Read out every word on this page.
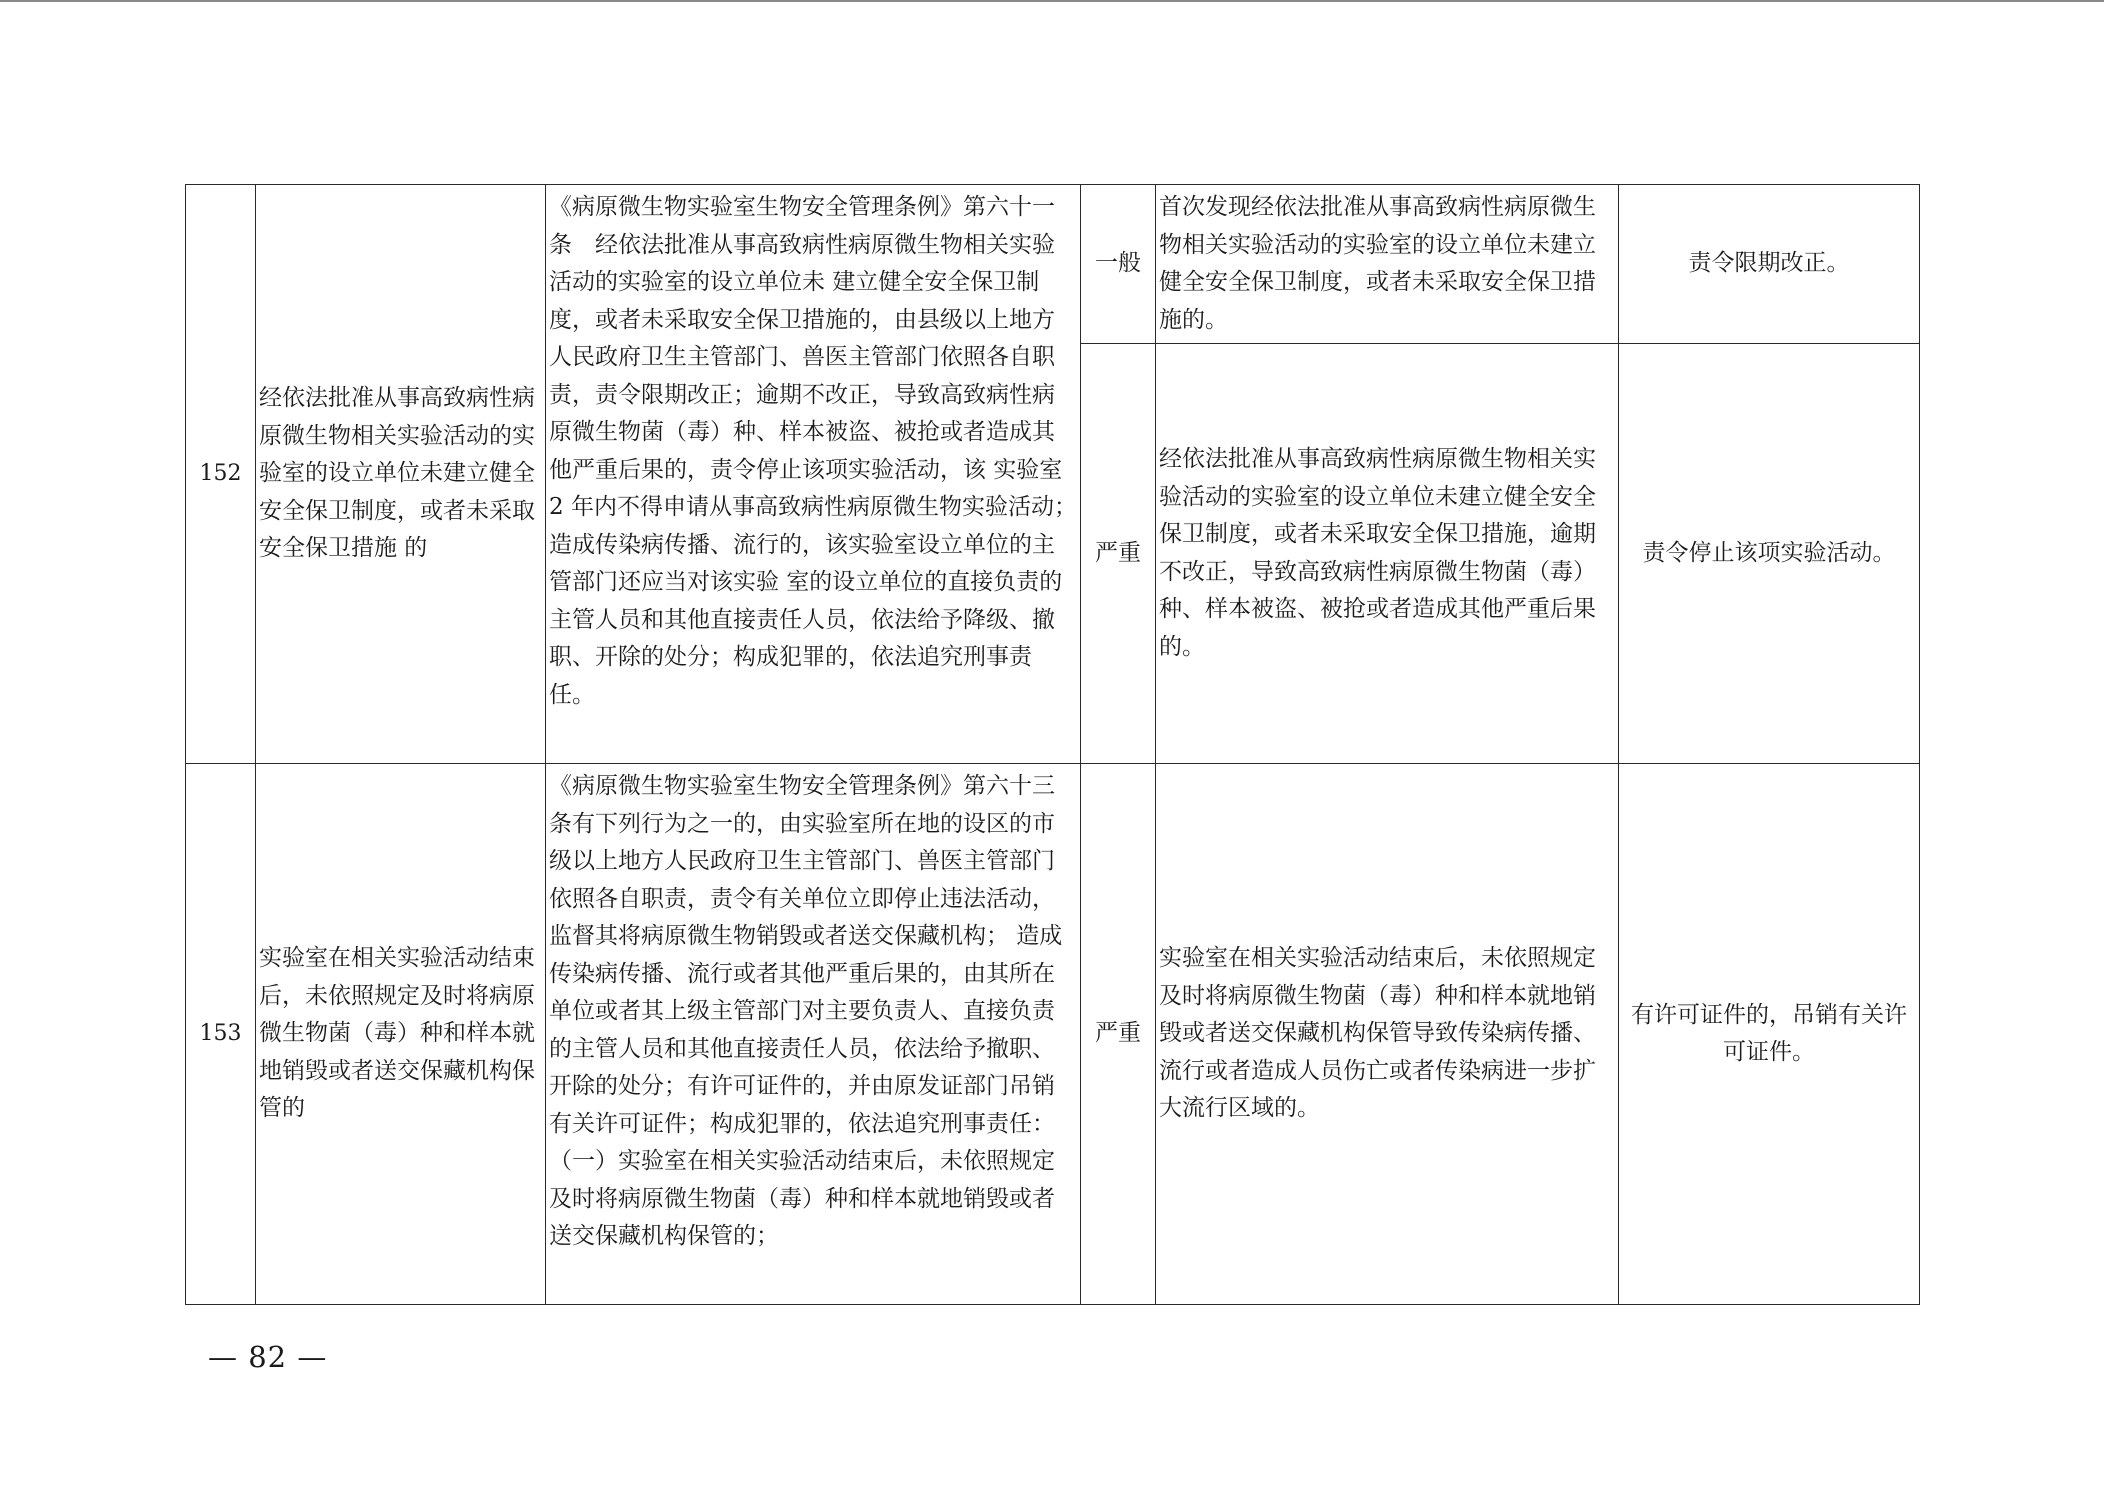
152	经依法批准从事高致病性病原微生物相关实验活动的实验室的设立单位未建立健全安全保卫制度，或者未采取安全保卫措施 的	《病原微生物实验室生物安全管理条例》第六十一条　经依法批准从事高致病性病原微生物相关实验活动的实验室的设立单位未 建立健全安全保卫制度，或者未采取安全保卫措施的，由县级以上地方人民政府卫生主管部门、兽医主管部门依照各自职责，责令限期改正；逾期不改正，导致高致病性病原微生物菌（毒）种、样本被盗、被抢或者造成其他严重后果的，责令停止该项实验活动，该 实验室 2 年内不得申请从事高致病性病原微生物实验活动；造成传染病传播、流行的，该实验室设立单位的主管部门还应当对该实验 室的设立单位的直接负责的主管人员和其他直接责任人员，依法给予降级、撤职、开除的处分；构成犯罪的，依法追究刑事责任。	一般	首次发现经依法批准从事高致病性病原微生物相关实验活动的实验室的设立单位未建立健全安全保卫制度，或者未采取安全保卫措施的。	责令限期改正。
			严重	经依法批准从事高致病性病原微生物相关实验活动的实验室的设立单位未建立健全安全保卫制度，或者未采取安全保卫措施，逾期不改正，导致高致病性病原微生物菌（毒）种、样本被盗、被抢或者造成其他严重后果的。	责令停止该项实验活动。
153	实验室在相关实验活动结束后，未依照规定及时将病原微生物菌（毒）种和样本就地销毁或者送交保藏机构保管的	《病原微生物实验室生物安全管理条例》第六十三条有下列行为之一的，由实验室所在地的设区的市级以上地方人民政府卫生主管部门、兽医主管部门依照各自职责，责令有关单位立即停止违法活动，监督其将病原微生物销毁或者送交保藏机构； 造成传染病传播、流行或者其他严重后果的，由其所在单位或者其上级主管部门对主要负责人、直接负责的主管人员和其他直接责任人员，依法给予撤职、开除的处分；有许可证件的，并由原发证部门吊销有关许可证件；构成犯罪的，依法追究刑事责任：（一）实验室在相关实验活动结束后，未依照规定及时将病原微生物菌（毒）种和样本就地销毁或者送交保藏机构保管的；	严重	实验室在相关实验活动结束后，未依照规定及时将病原微生物菌（毒）种和样本就地销毁或者送交保藏机构保管导致传染病传播、流行或者造成人员伤亡或者传染病进一步扩大流行区域的。	有许可证件的，吊销有关许可证件。
— 82 —
